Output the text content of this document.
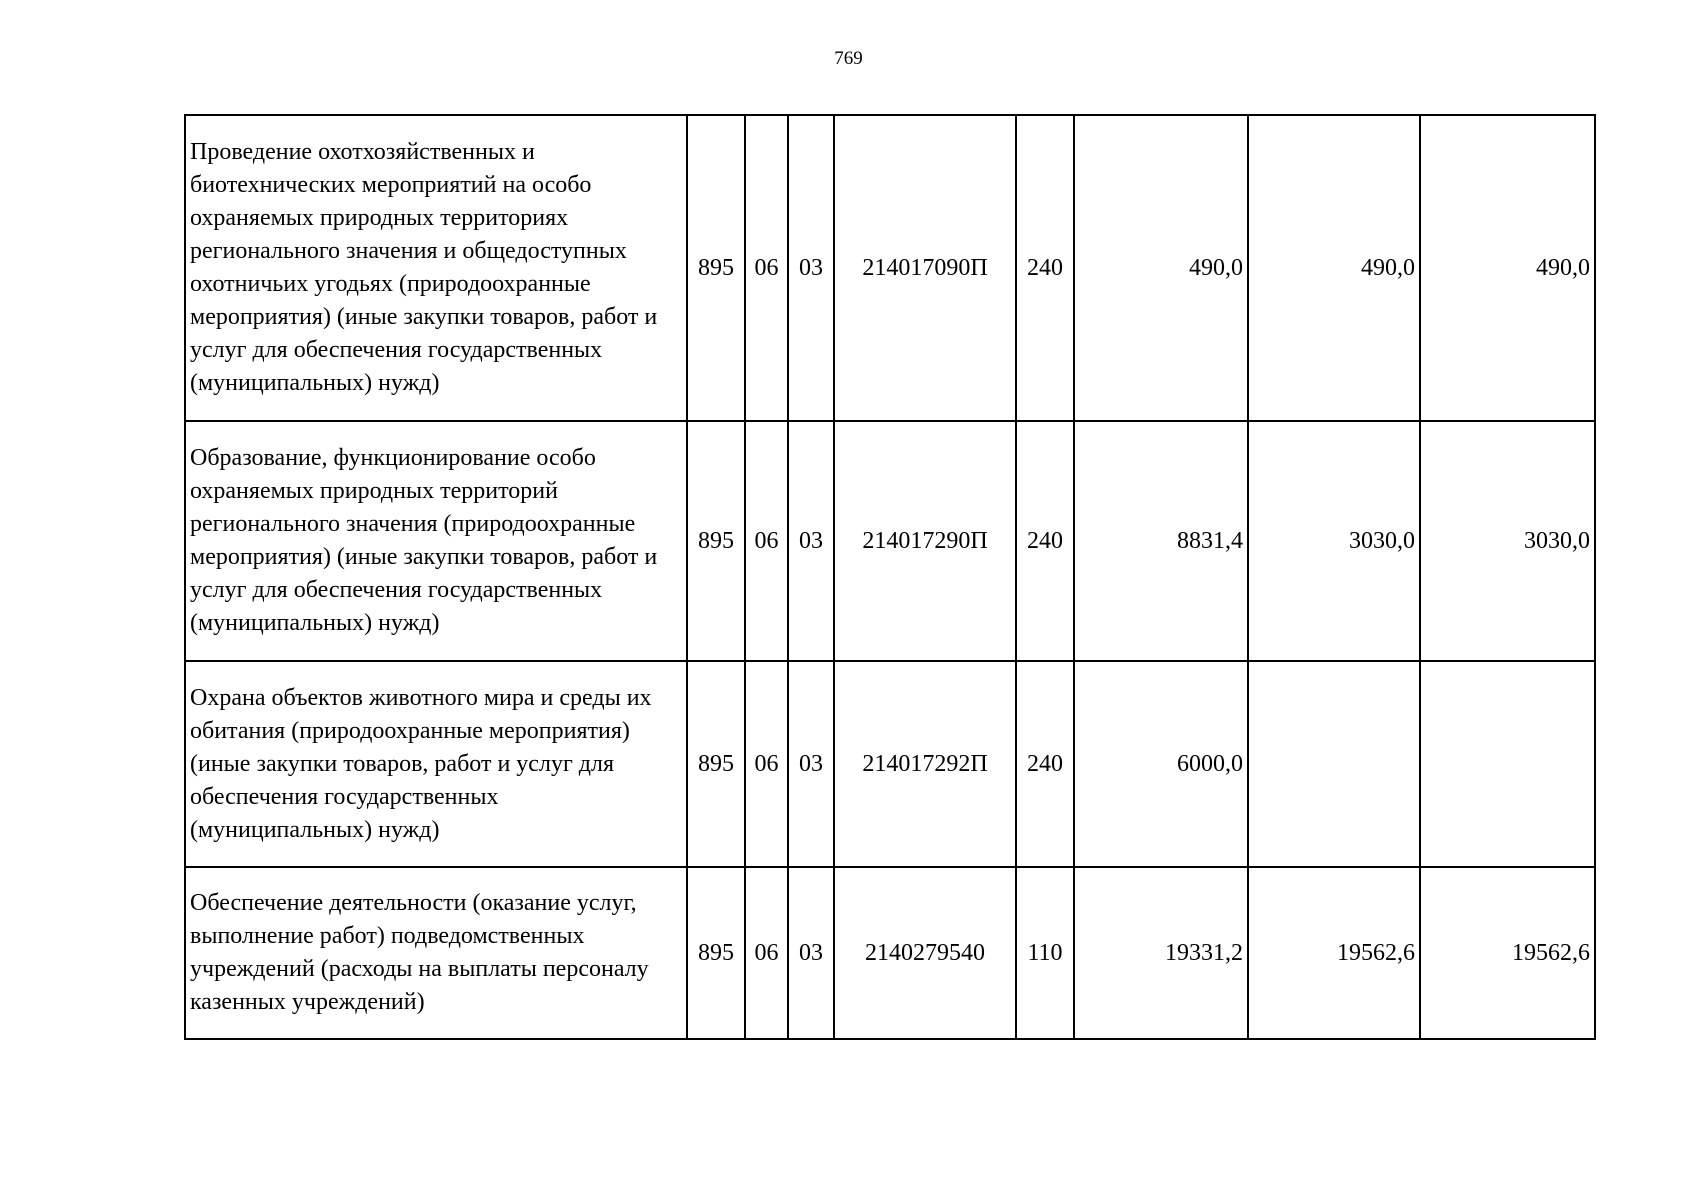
769
Проведение охотхозяйственных и биотехнических мероприятий на особо охраняемых природных территориях регионального значения и общедоступных охотничьих угодьях (природоохранные мероприятия) (иные закупки товаров, работ и услуг для обеспечения государственных (муниципальных) нужд)	895	06	03	214017090П	240	490,0	490,0	490,0
Образование, функционирование особо охраняемых природных территорий регионального значения (природоохранные мероприятия) (иные закупки товаров, работ и услуг для обеспечения государственных (муниципальных) нужд)	895	06	03	214017290П	240	8831,4	3030,0	3030,0
Охрана объектов животного мира и среды их обитания (природоохранные мероприятия) (иные закупки товаров, работ и услуг для обеспечения государственных (муниципальных) нужд)	895	06	03	214017292П	240	6000,0		
Обеспечение деятельности (оказание услуг, выполнение работ) подведомственных учреждений (расходы на выплаты персоналу казенных учреждений)	895	06	03	2140279540	110	19331,2	19562,6	19562,6
